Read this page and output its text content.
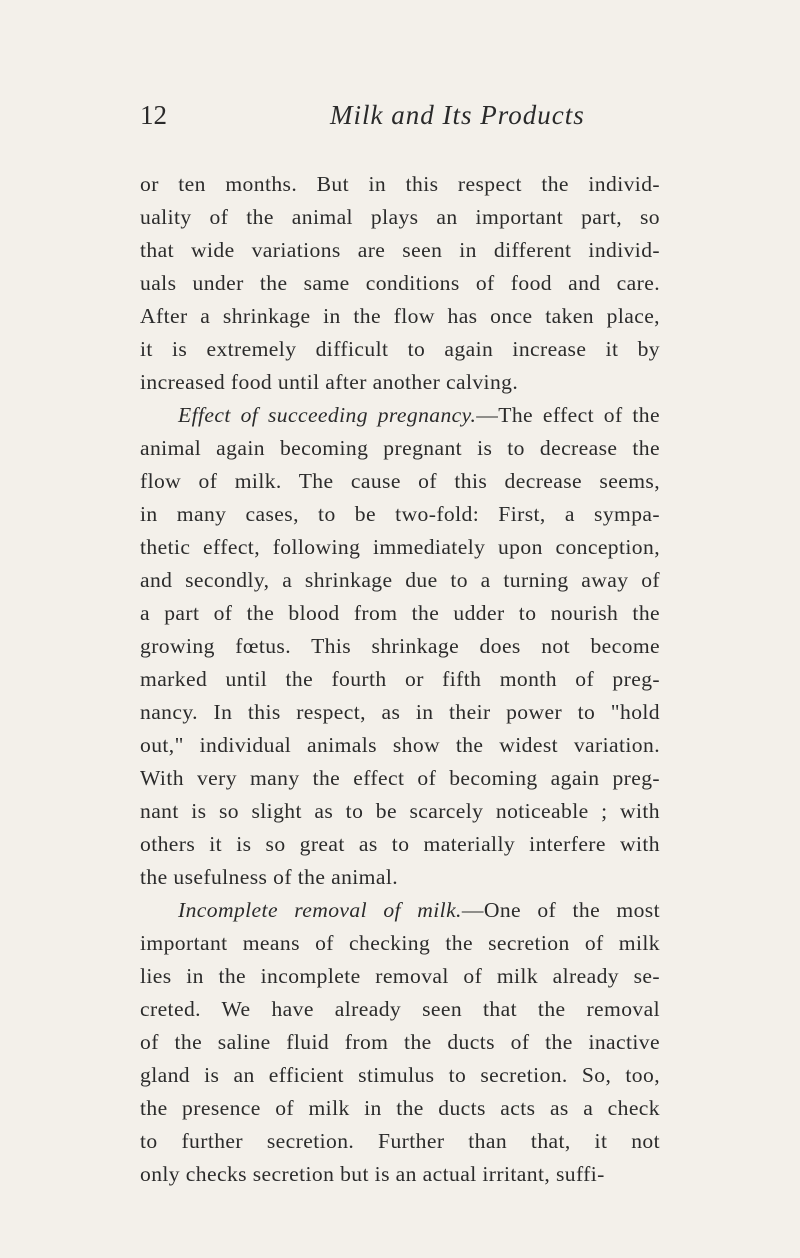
12	Milk and Its Products
or ten months. But in this respect the individ-
uality of the animal plays an important part, so
that wide variations are seen in different individ-
uals under the same conditions of food and care.
After a shrinkage in the flow has once taken place,
it is extremely difficult to again increase it by
increased food until after another calving.
Effect of succeeding pregnancy.—The effect of the
animal again becoming pregnant is to decrease the
flow of milk. The cause of this decrease seems,
in many cases, to be two-fold: First, a sympa-
thetic effect, following immediately upon conception,
and secondly, a shrinkage due to a turning away of
a part of the blood from the udder to nourish the
growing fœtus. This shrinkage does not become
marked until the fourth or fifth month of preg-
nancy. In this respect, as in their power to "hold
out," individual animals show the widest variation.
With very many the effect of becoming again preg-
nant is so slight as to be scarcely noticeable ; with
others it is so great as to materially interfere with
the usefulness of the animal.
Incomplete removal of milk.—One of the most
important means of checking the secretion of milk
lies in the incomplete removal of milk already se-
creted. We have already seen that the removal
of the saline fluid from the ducts of the inactive
gland is an efficient stimulus to secretion. So, too,
the presence of milk in the ducts acts as a check
to further secretion. Further than that, it not
only checks secretion but is an actual irritant, suffi-
